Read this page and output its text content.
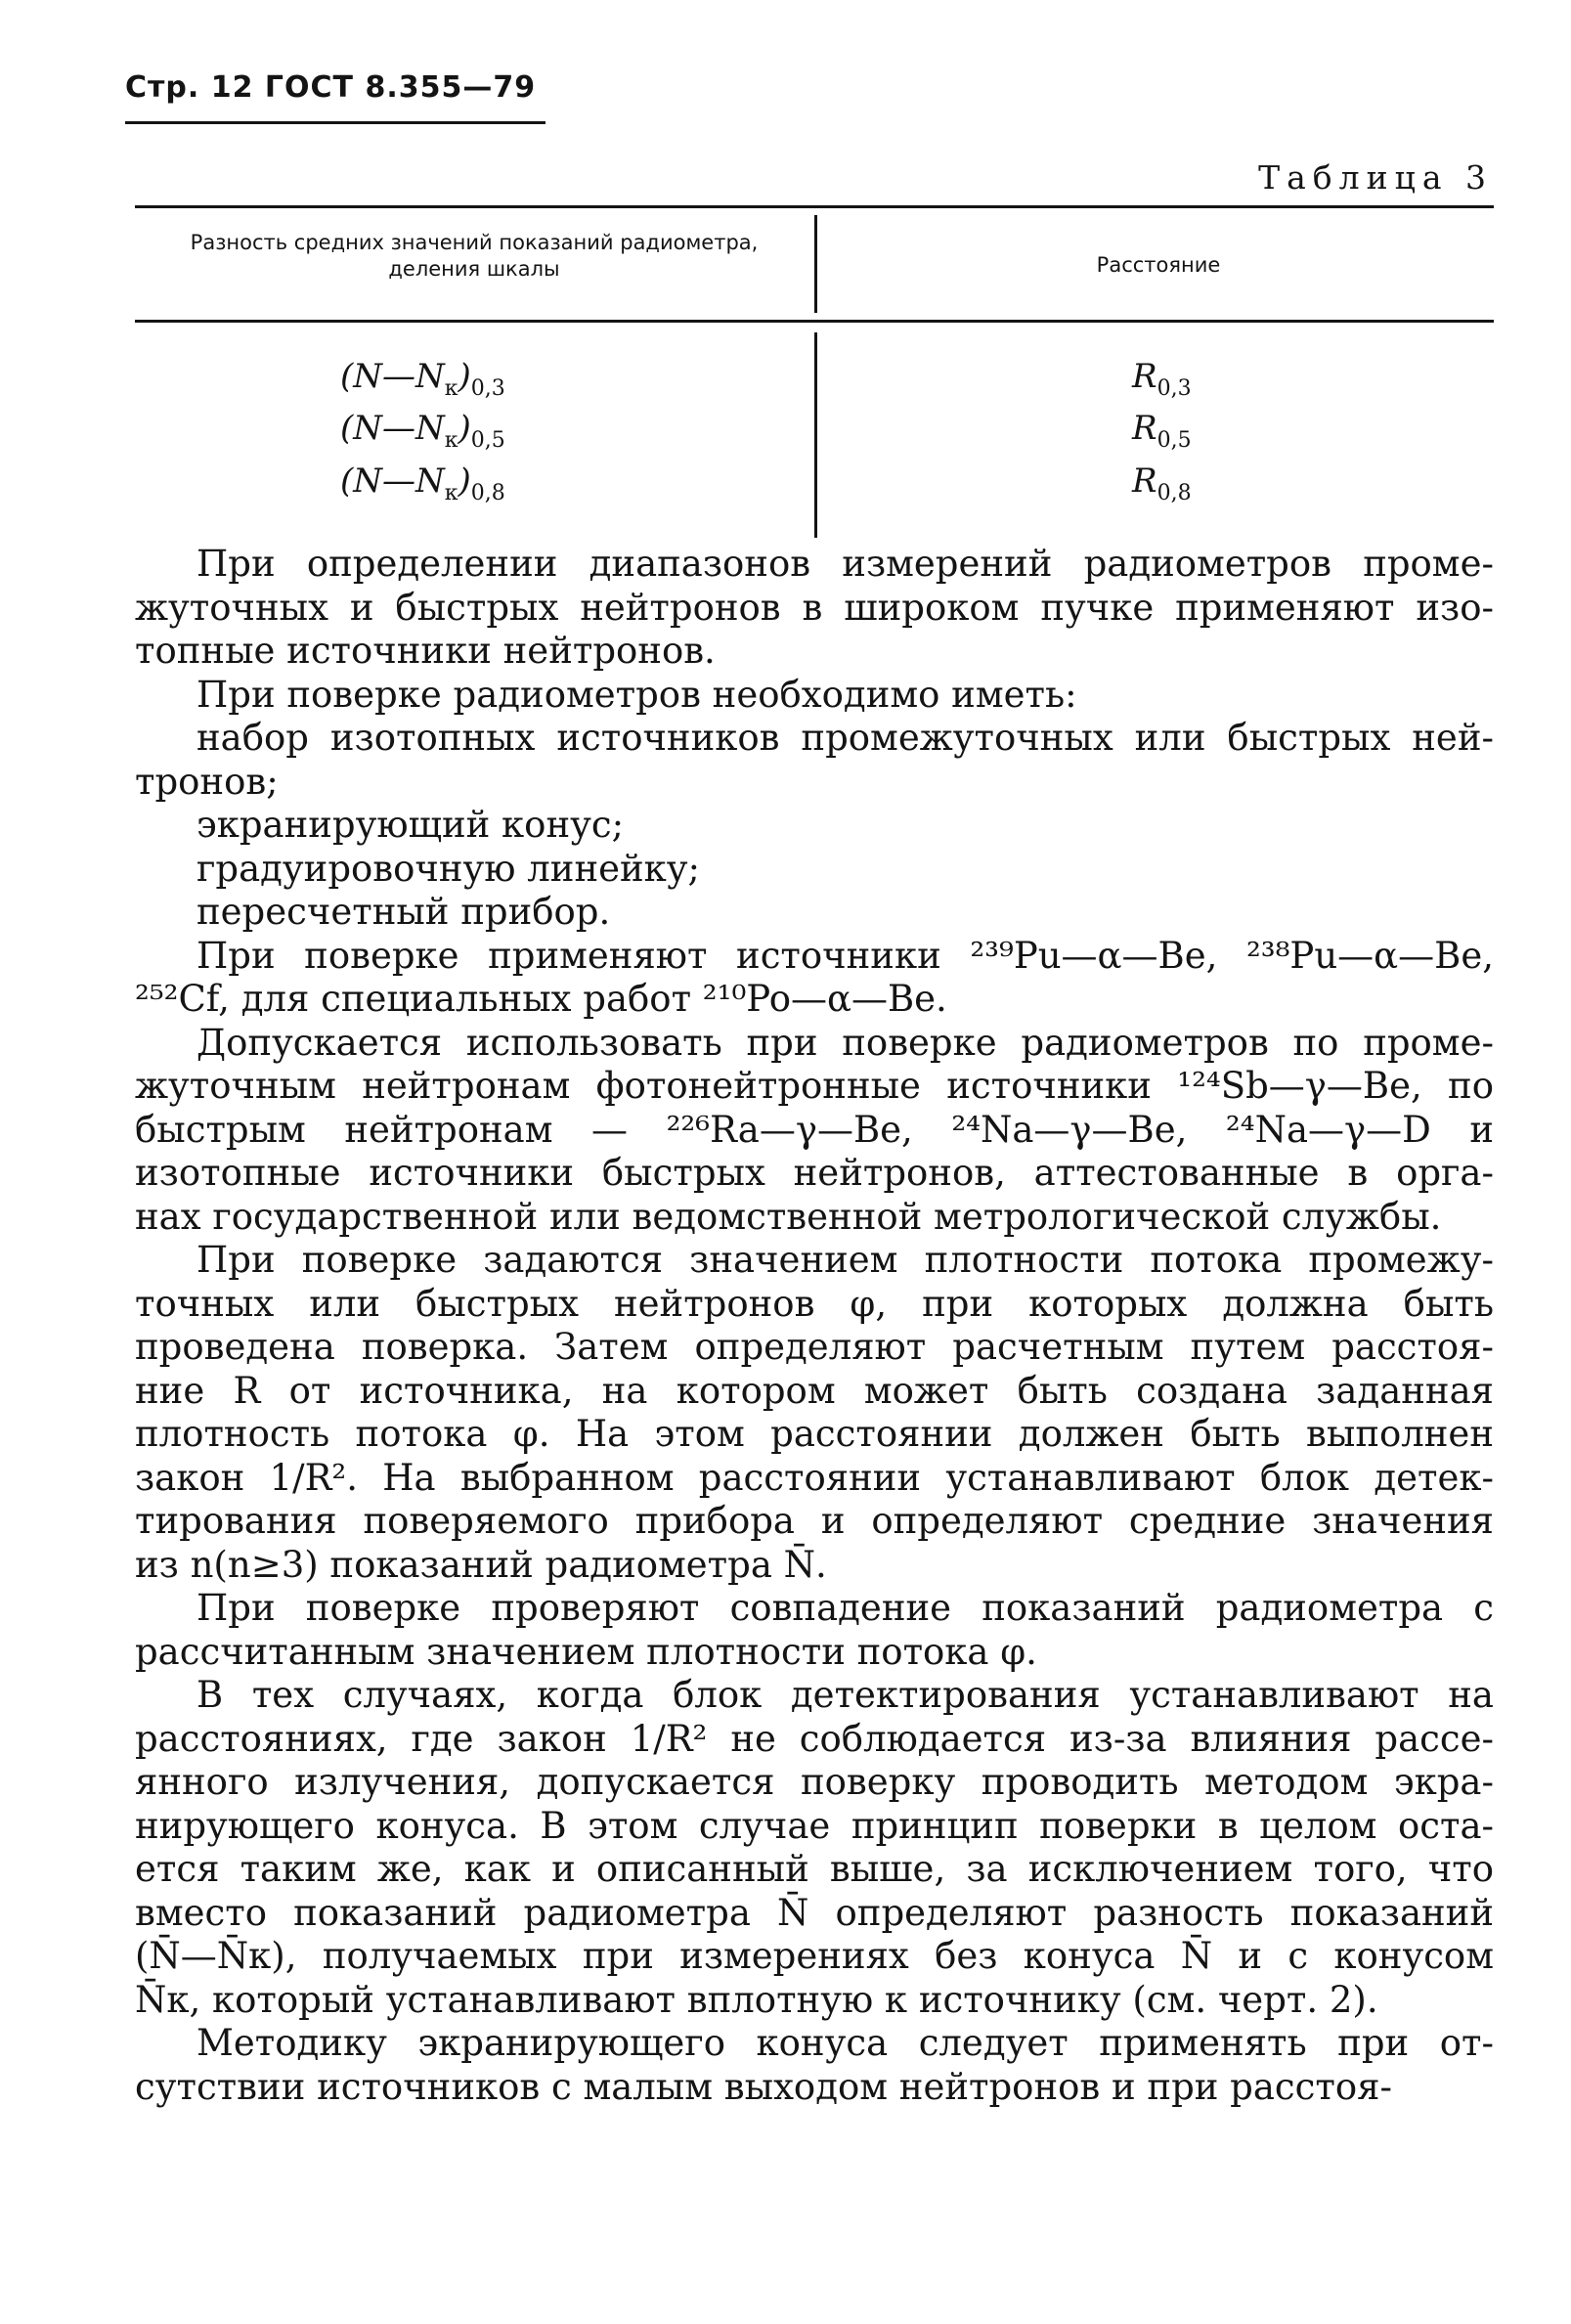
Стр. 12 ГОСТ 8.355—79
Таблица 3
Разность средних значений показаний радиометра, деления шкалы	Расстояние
$(N—N_к)_{0,3}$	$R_{0,3}$
$(N—N_к)_{0,5}$	$R_{0,5}$
$(N—N_к)_{0,8}$	$R_{0,8}$

При определении диапазонов измерений радиометров проме-

жуточных и быстрых нейтронов в широком пучке применяют изо-

топные источники нейтронов.

При поверке радиометров необходимо иметь:

набор изотопных источников промежуточных или быстрых ней-

тронов;

экранирующий конус;

градуировочную линейку;

пересчетный прибор.

При поверке применяют источники ²³⁹Pu—α—Be, ²³⁸Pu—α—Be,

²⁵²Cf, для специальных работ ²¹⁰Po—α—Be.

Допускается использовать при поверке радиометров по проме-

жуточным нейтронам фотонейтронные источники ¹²⁴Sb—γ—Be, по

быстрым нейтронам — ²²⁶Ra—γ—Be, ²⁴Na—γ—Be, ²⁴Na—γ—D и

изотопные источники быстрых нейтронов, аттестованные в орга-

нах государственной или ведомственной метрологической службы.

При поверке задаются значением плотности потока промежу-

точных или быстрых нейтронов φ, при которых должна быть

проведена поверка. Затем определяют расчетным путем расстоя-

ние R от источника, на котором может быть создана заданная

плотность потока φ. На этом расстоянии должен быть выполнен

закон 1/R². На выбранном расстоянии устанавливают блок детек-

тирования поверяемого прибора и определяют средние значения

из n(n≥3) показаний радиометра N̄.

При поверке проверяют совпадение показаний радиометра с

рассчитанным значением плотности потока φ.

В тех случаях, когда блок детектирования устанавливают на

расстояниях, где закон 1/R² не соблюдается из-за влияния рассе-

янного излучения, допускается поверку проводить методом экра-

нирующего конуса. В этом случае принцип поверки в целом оста-

ется таким же, как и описанный выше, за исключением того, что

вместо показаний радиометра N̄ определяют разность показаний

(N̄—N̄к), получаемых при измерениях без конуса N̄ и с конусом

N̄к, который устанавливают вплотную к источнику (см. черт. 2).

Методику экранирующего конуса следует применять при от-

сутствии источников с малым выходом нейтронов и при расстоя-
